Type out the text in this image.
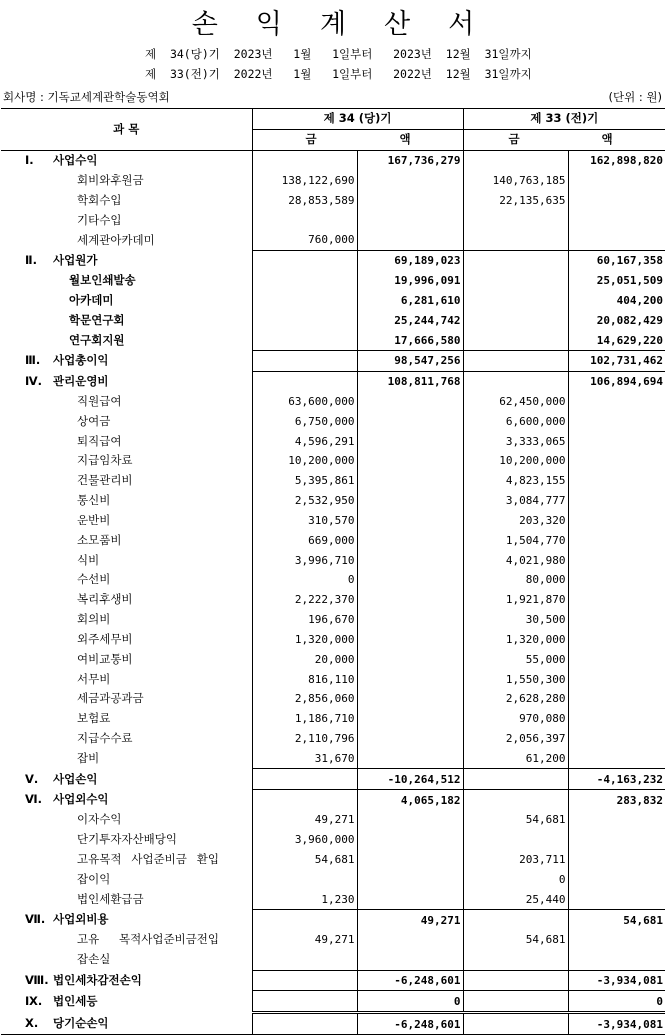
손익계산서
제  34(당)기  2023년   1월   1일부터   2023년  12월  31일까지
제  33(전)기  2022년   1월   1일부터   2022년  12월  31일까지
회사명 : 기독교세계관학술동역회	(단위 : 원)
과 목	제 34 (당)기		제 33 (전)기	

	금 액		금 액	

Ⅰ. 사업수익		167,736,279		162,898,820
회비와후원금	138,122,690		140,763,185	
학회수입	28,853,589		22,135,635	
기타수입				
세계관아카데미	760,000			
Ⅱ. 사업원가		69,189,023		60,167,358
월보인쇄발송		19,996,091		25,051,509
아카데미		6,281,610		404,200
학문연구회		25,244,742		20,082,429
연구회지원		17,666,580		14,629,220
Ⅲ. 사업총이익		98,547,256		102,731,462
Ⅳ. 관리운영비		108,811,768		106,894,694
직원급여	63,600,000		62,450,000	
상여금	6,750,000		6,600,000	
퇴직급여	4,596,291		3,333,065	
지급임차료	10,200,000		10,200,000	
건물관리비	5,395,861		4,823,155	
통신비	2,532,950		3,084,777	
운반비	310,570		203,320	
소모품비	669,000		1,504,770	
식비	3,996,710		4,021,980	
수선비	0		80,000	
복리후생비	2,222,370		1,921,870	
회의비	196,670		30,500	
외주세무비	1,320,000		1,320,000	
여비교통비	20,000		55,000	
서무비	816,110		1,550,300	
세금과공과금	2,856,060		2,628,280	
보험료	1,186,710		970,080	
지급수수료	2,110,796		2,056,397	
잡비	31,670		61,200	
Ⅴ. 사업손익		-10,264,512		-4,163,232
Ⅵ. 사업외수익		4,065,182		283,832
이자수익	49,271		54,681	
단기투자자산배당익	3,960,000			
고유목적 사업준비금 환입	54,681		203,711	
잡이익			0	
법인세환급금	1,230		25,440	
Ⅶ. 사업외비용		49,271		54,681
고유 목적사업준비금전입	49,271		54,681	
잡손실				
Ⅷ. 법인세차감전손익		-6,248,601		-3,934,081
Ⅸ. 법인세등		0		0
Ⅹ. 당기순손익		-6,248,601		-3,934,081
